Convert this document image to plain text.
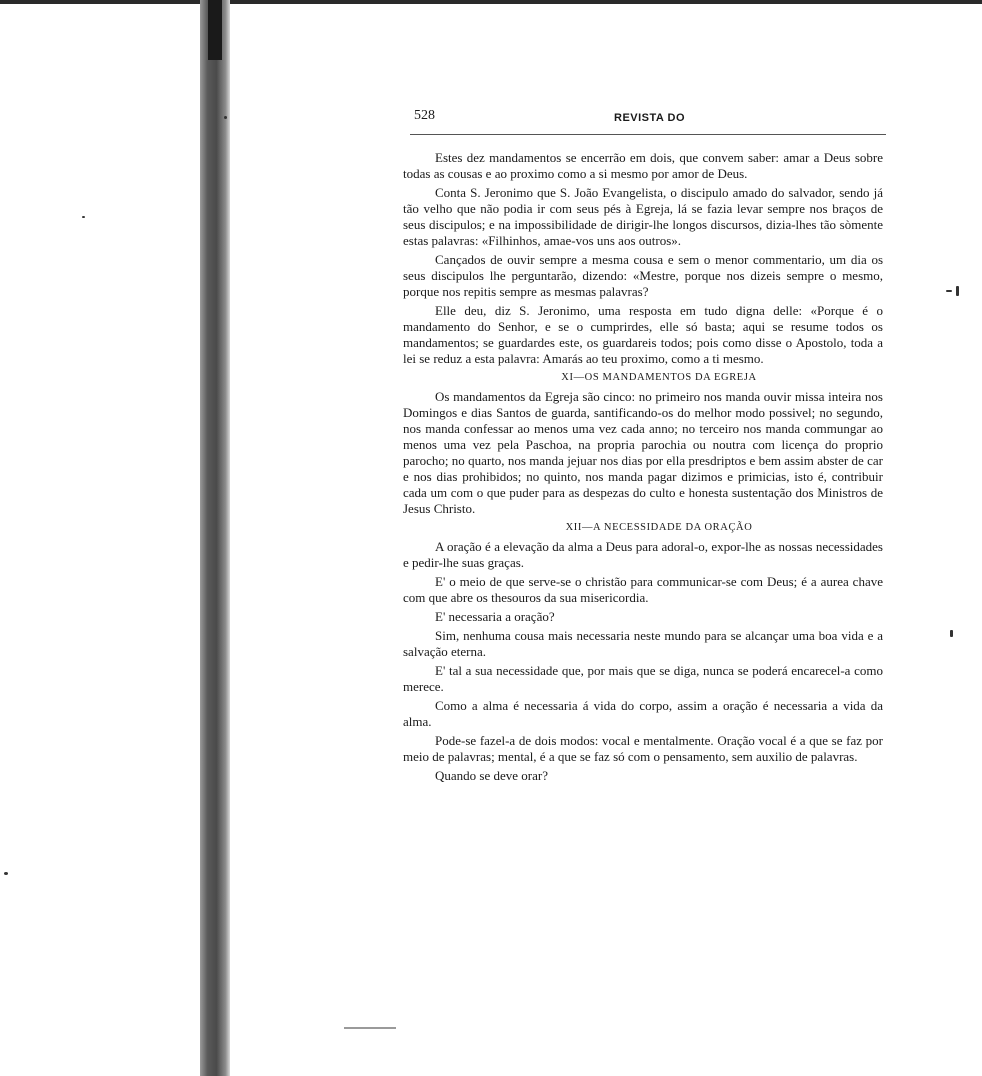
528	REVISTA DO

Estes dez mandamentos se encerrão em dois, que convem saber: amar a Deus sobre todas as cousas e ao proximo como a si mesmo por amor de Deus.

Conta S. Jeronimo que S. João Evangelista, o discipulo amado do salvador, sendo já tão velho que não podia ir com seus pés à Egreja, lá se fazia levar sempre nos braços de seus discipulos; e na impossibilidade de dirigir-lhe longos discursos, dizia-lhes tão sòmente estas palavras: «Filhinhos, amae-vos uns aos outros».

Cançados de ouvir sempre a mesma cousa e sem o menor commentario, um dia os seus discipulos lhe perguntarão, dizendo: «Mestre, porque nos dizeis sempre o mesmo, porque nos repitis sempre as mesmas palavras?

Elle deu, diz S. Jeronimo, uma resposta em tudo digna delle: «Porque é o mandamento do Senhor, e se o cumprirdes, elle só basta; aqui se resume todos os mandamentos; se guardardes este, os guardareis todos; pois como disse o Apostolo, toda a lei se reduz a esta palavra: Amarás ao teu proximo, como a ti mesmo.

XI—OS MANDAMENTOS DA EGREJA

Os mandamentos da Egreja são cinco: no primeiro nos manda ouvir missa inteira nos Domingos e dias Santos de guarda, santificando-os do melhor modo possivel; no segundo, nos manda confessar ao menos uma vez cada anno; no terceiro nos manda commungar ao menos uma vez pela Paschoa, na propria parochia ou noutra com licença do proprio parocho; no quarto, nos manda jejuar nos dias por ella presdriptos e bem assim abster de car e nos dias prohibidos; no quinto, nos manda pagar dizimos e primicias, isto é, contribuir cada um com o que puder para as despezas do culto e honesta sustentação dos Ministros de Jesus Christo.

XII—A NECESSIDADE DA ORAÇÃO

A oração é a elevação da alma a Deus para adoral-o, expor-lhe as nossas necessidades e pedir-lhe suas graças.

E' o meio de que serve-se o christão para communicar-se com Deus; é a aurea chave com que abre os thesouros da sua misericordia.

E' necessaria a oração?

Sim, nenhuma cousa mais necessaria neste mundo para se alcançar uma boa vida e a salvação eterna.

E' tal a sua necessidade que, por mais que se diga, nunca se poderá encarecel-a como merece.

Como a alma é necessaria á vida do corpo, assim a oração é necessaria a vida da alma.

Pode-se fazel-a de dois modos: vocal e mentalmente. Oração vocal é a que se faz por meio de palavras; mental, é a que se faz só com o pensamento, sem auxilio de palavras.

Quando se deve orar?
